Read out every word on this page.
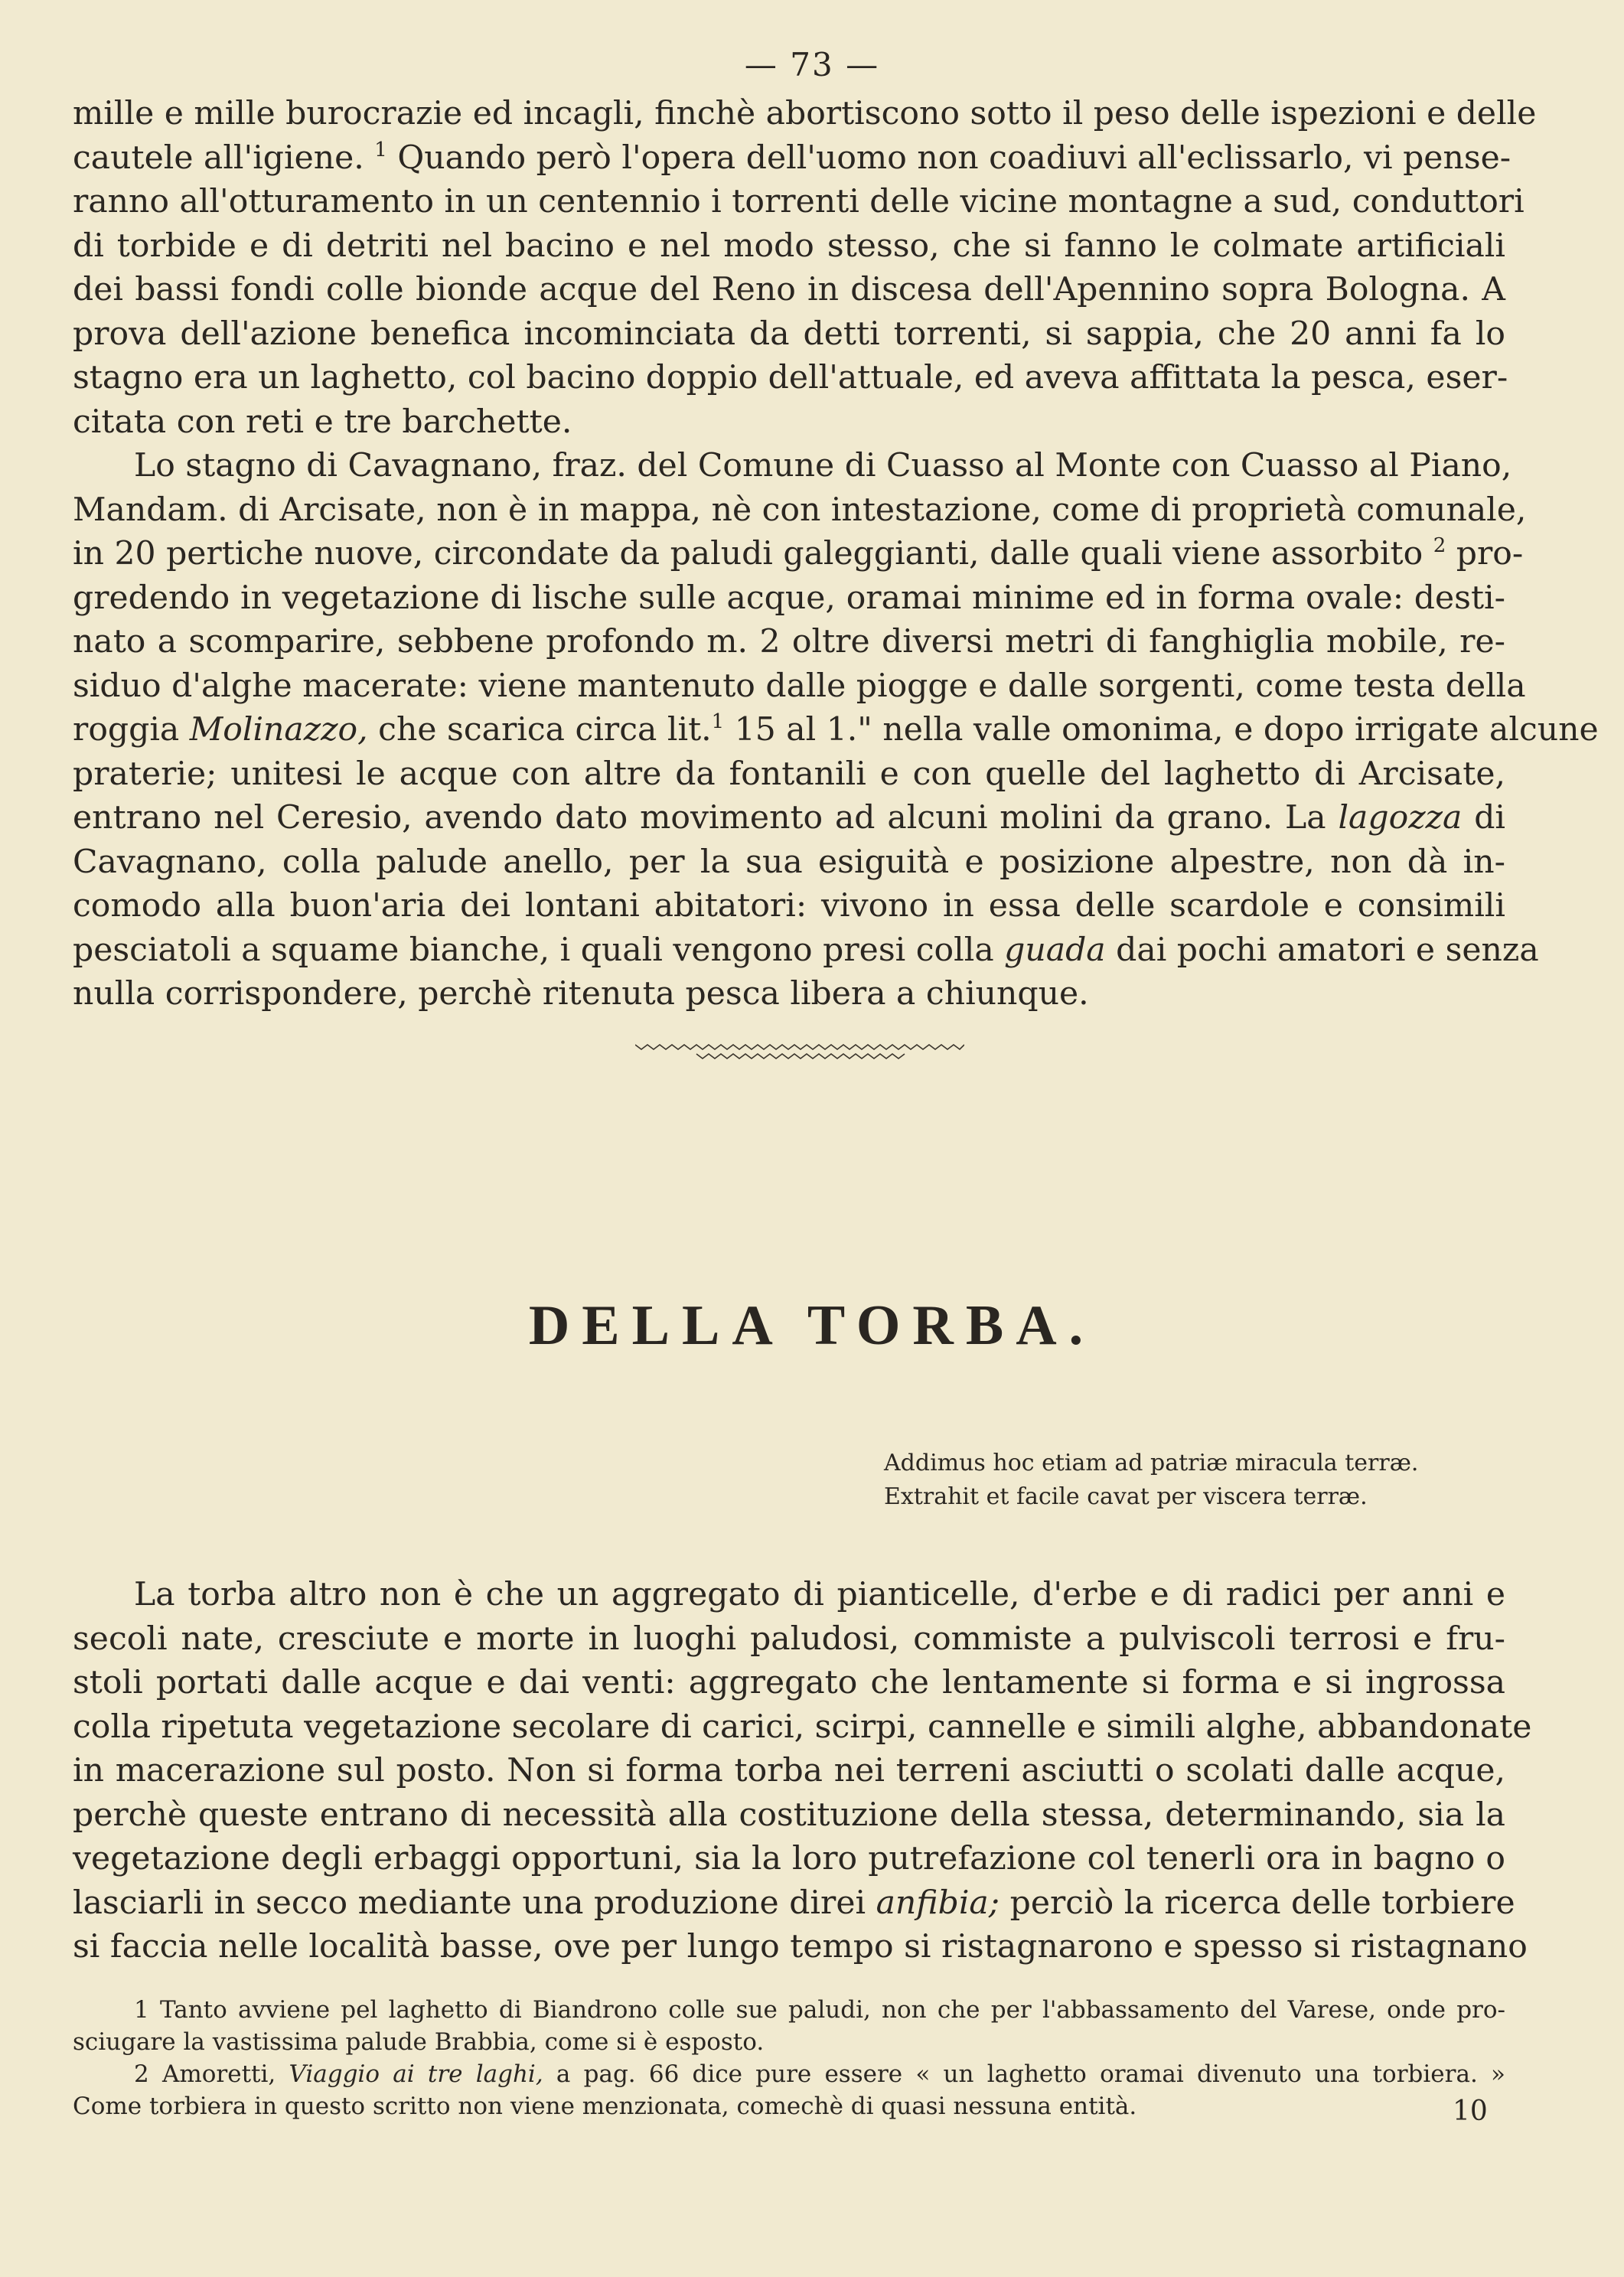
— 73 —
mille e mille burocrazie ed incagli, finchè abortiscono sotto il peso delle ispezioni e delle
cautele all'igiene. $^1$ Quando però l'opera dell'uomo non coadiuvi all'eclissarlo, vi pense-
ranno all'otturamento in un centennio i torrenti delle vicine montagne a sud, conduttori
di torbide e di detriti nel bacino e nel modo stesso, che si fanno le colmate artificiali
dei bassi fondi colle bionde acque del Reno in discesa dell'Apennino sopra Bologna. A
prova dell'azione benefica incominciata da detti torrenti, si sappia, che 20 anni fa lo
stagno era un laghetto, col bacino doppio dell'attuale, ed aveva affittata la pesca, eser-
citata con reti e tre barchette.
Lo stagno di Cavagnano, fraz. del Comune di Cuasso al Monte con Cuasso al Piano,
Mandam. di Arcisate, non è in mappa, nè con intestazione, come di proprietà comunale,
in 20 pertiche nuove, circondate da paludi galeggianti, dalle quali viene assorbito $^2$ pro-
gredendo in vegetazione di lische sulle acque, oramai minime ed in forma ovale: desti-
nato a scomparire, sebbene profondo m. 2 oltre diversi metri di fanghiglia mobile, re-
siduo d'alghe macerate: viene mantenuto dalle piogge e dalle sorgenti, come testa della
roggia Molinazzo, che scarica circa lit.$^1$ 15 al 1." nella valle omonima, e dopo irrigate alcune
praterie; unitesi le acque con altre da fontanili e con quelle del laghetto di Arcisate,
entrano nel Ceresio, avendo dato movimento ad alcuni molini da grano. La lagozza di
Cavagnano, colla palude anello, per la sua esiguità e posizione alpestre, non dà in-
comodo alla buon'aria dei lontani abitatori: vivono in essa delle scardole e consimili
pesciatoli a squame bianche, i quali vengono presi colla guada dai pochi amatori e senza
nulla corrispondere, perchè ritenuta pesca libera a chiunque.
DELLA TORBA.
Addimus hoc etiam ad patriæ miracula terræ.
Extrahit et facile cavat per viscera terræ.
La torba altro non è che un aggregato di pianticelle, d'erbe e di radici per anni e
secoli nate, cresciute e morte in luoghi paludosi, commiste a pulviscoli terrosi e fru-
stoli portati dalle acque e dai venti: aggregato che lentamente si forma e si ingrossa
colla ripetuta vegetazione secolare di carici, scirpi, cannelle e simili alghe, abbandonate
in macerazione sul posto. Non si forma torba nei terreni asciutti o scolati dalle acque,
perchè queste entrano di necessità alla costituzione della stessa, determinando, sia la
vegetazione degli erbaggi opportuni, sia la loro putrefazione col tenerli ora in bagno o
lasciarli in secco mediante una produzione direi anfibia; perciò la ricerca delle torbiere
si faccia nelle località basse, ove per lungo tempo si ristagnarono e spesso si ristagnano
1 Tanto avviene pel laghetto di Biandrono colle sue paludi, non che per l'abbassamento del Varese, onde pro-
sciugare la vastissima palude Brabbia, come si è esposto.
2 Amoretti, Viaggio ai tre laghi, a pag. 66 dice pure essere « un laghetto oramai divenuto una torbiera. »
Come torbiera in questo scritto non viene menzionata, comechè di quasi nessuna entità.	10
